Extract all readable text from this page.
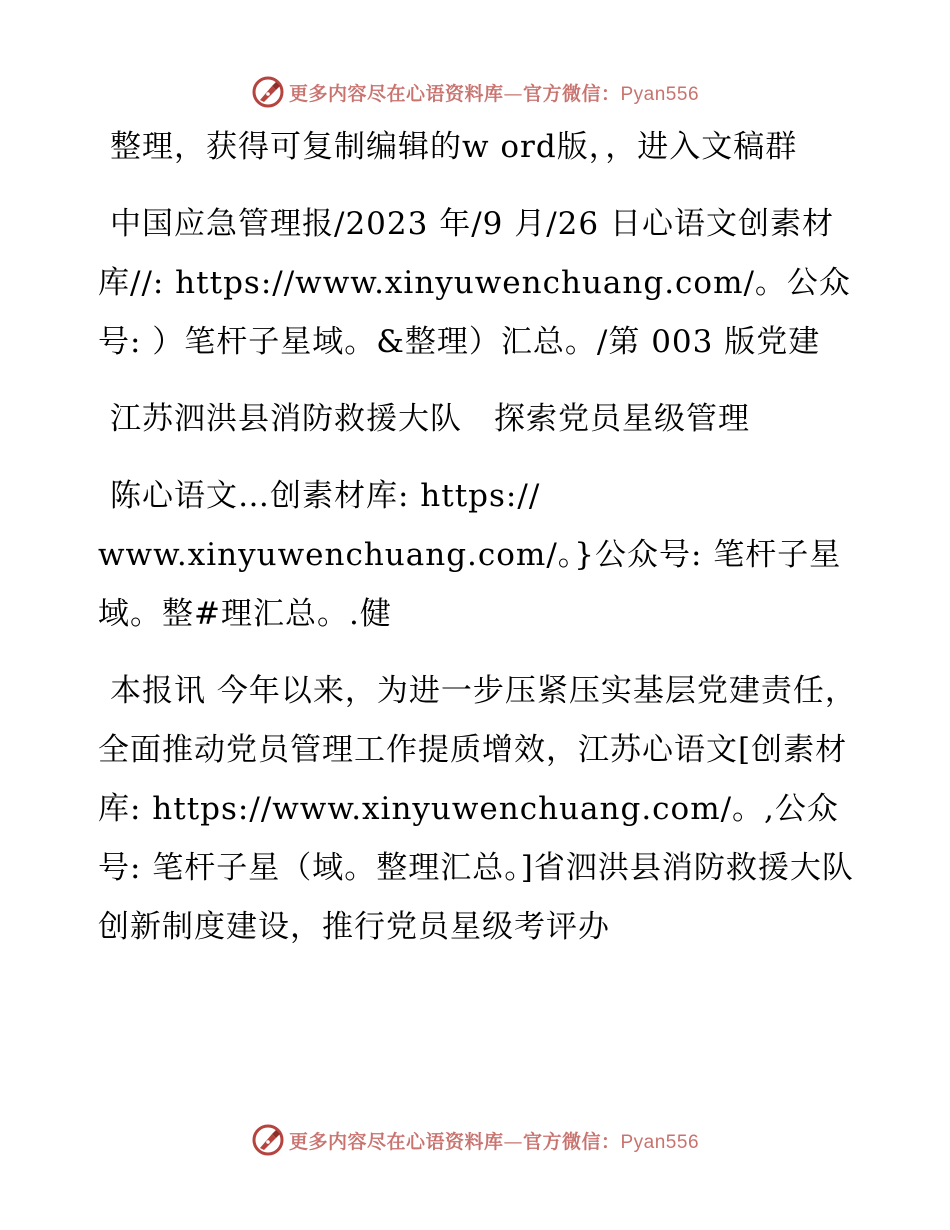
更多内容尽在心语资料库—官方微信：Pyan556

整理，获得可复制编辑的w ord版，，进入文稿群

中国应急管理报/2023 年/9 月/26 日心语文创素材库//: https://www.xinyuwenchuang.com/。公众号: ）笔杆子星域。&整理）汇总。/第 003 版党建

江苏泗洪县消防救援大队　探索党员星级管理

陈心语文…创素材库: https://

www.xinyuwenchuang.com/。}公众号: 笔杆子星域。整#理汇总。.健

本报讯 今年以来，为进一步压紧压实基层党建责任，全面推动党员管理工作提质增效，江苏心语文[创素材库: https://www.xinyuwenchuang.com/。,公众号: 笔杆子星（域。整理汇总。]省泗洪县消防救援大队创新制度建设，推行党员星级考评办

更多内容尽在心语资料库—官方微信：Pyan556
